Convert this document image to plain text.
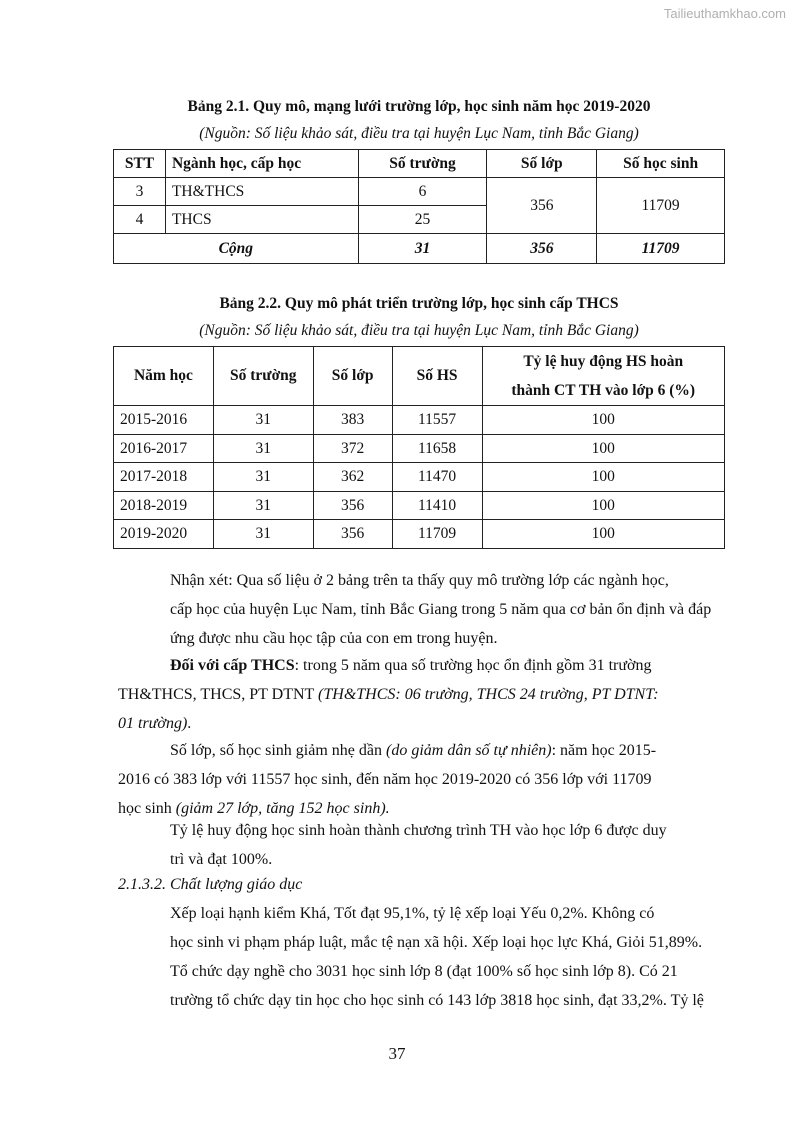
Tailieuthamkhao.com
Bảng 2.1. Quy mô, mạng lưới trường lớp, học sinh năm học 2019-2020
(Nguồn: Số liệu khảo sát, điều tra tại huyện Lục Nam, tỉnh Bắc Giang)
STT	Ngành học, cấp học	Số trường	Số lớp	Số học sinh
3	TH&THCS	6	356	11709
4	THCS	25		
Cộng		31	356	11709
Bảng 2.2. Quy mô phát triển trường lớp, học sinh cấp THCS
(Nguồn: Số liệu khảo sát, điều tra tại huyện Lục Nam, tỉnh Bắc Giang)
Năm học	Số trường	Số lớp	Số HS	Tỷ lệ huy động HS hoàn
thành CT TH vào lớp 6 (%)

2015-2016	31	383	11557	100
2016-2017	31	372	11658	100
2017-2018	31	362	11470	100
2018-2019	31	356	11410	100
2019-2020	31	356	11709	100
Nhận xét: Qua số liệu ở 2 bảng trên ta thấy quy mô trường lớp các ngành học,
cấp học của huyện Lục Nam, tỉnh Bắc Giang trong 5 năm qua cơ bản ổn định và đáp
ứng được nhu cầu học tập của con em trong huyện.
Đối với cấp THCS: trong 5 năm qua số trường học ổn định gồm 31 trường
TH&THCS, THCS, PT DTNT (TH&THCS: 06 trường, THCS 24 trường, PT DTNT:
01 trường).
Số lớp, số học sinh giảm nhẹ dần (do giảm dân số tự nhiên): năm học 2015-
2016 có 383 lớp với 11557 học sinh, đến năm học 2019-2020 có 356 lớp với 11709
học sinh (giảm 27 lớp, tăng 152 học sinh).
Tỷ lệ huy động học sinh hoàn thành chương trình TH vào học lớp 6 được duy
trì và đạt 100%.
2.1.3.2. Chất lượng giáo dục
Xếp loại hạnh kiểm Khá, Tốt đạt 95,1%, tỷ lệ xếp loại Yếu 0,2%. Không có
học sinh vi phạm pháp luật, mắc tệ nạn xã hội. Xếp loại học lực Khá, Giỏi 51,89%.
Tổ chức dạy nghề cho 3031 học sinh lớp 8 (đạt 100% số học sinh lớp 8). Có 21
trường tổ chức dạy tin học cho học sinh có 143 lớp 3818 học sinh, đạt 33,2%. Tỷ lệ
37
